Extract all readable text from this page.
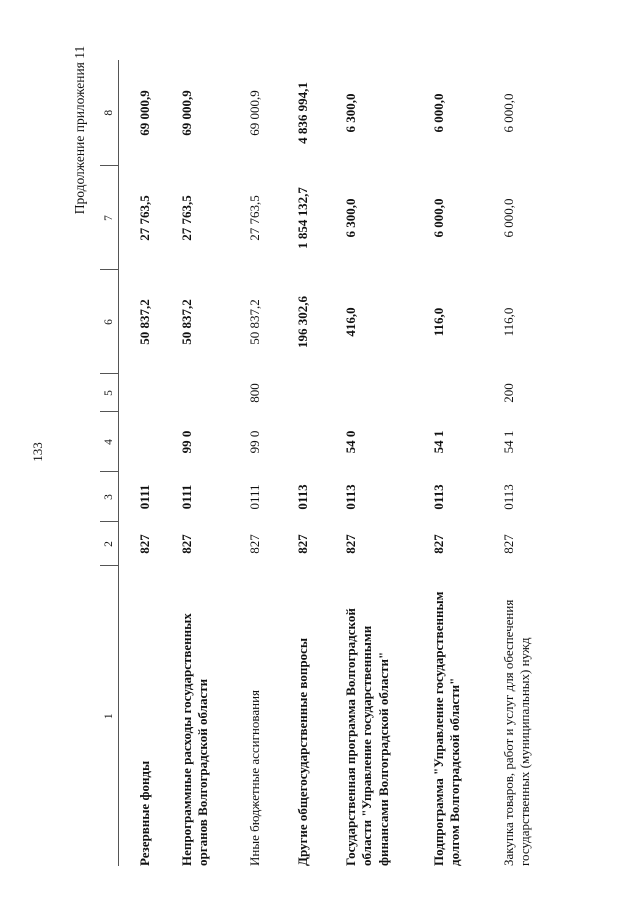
133
Продолжение приложения 11
1	2	3	4	5	6	7	8
Резервные фонды	827	0111			50 837,2	27 763,5	69 000,9
Непрограммные расходы государственных органов Волгоградской области	827	0111	99 0		50 837,2	27 763,5	69 000,9
Иные бюджетные ассигнования	827	0111	99 0	800	50 837,2	27 763,5	69 000,9
Другие общегосударственные вопросы	827	0113			196 302,6	1 854 132,7	4 836 994,1
Государственная программа Волгоградской области "Управление государственными финансами Волгоградской области"	827	0113	54 0		416,0	6 300,0	6 300,0
Подпрограмма "Управление государственным долгом Волгоградской области"	827	0113	54 1		116,0	6 000,0	6 000,0
Закупка товаров, работ и услуг для обеспечения государственных (муниципальных) нужд	827	0113	54 1	200	116,0	6 000,0	6 000,0
